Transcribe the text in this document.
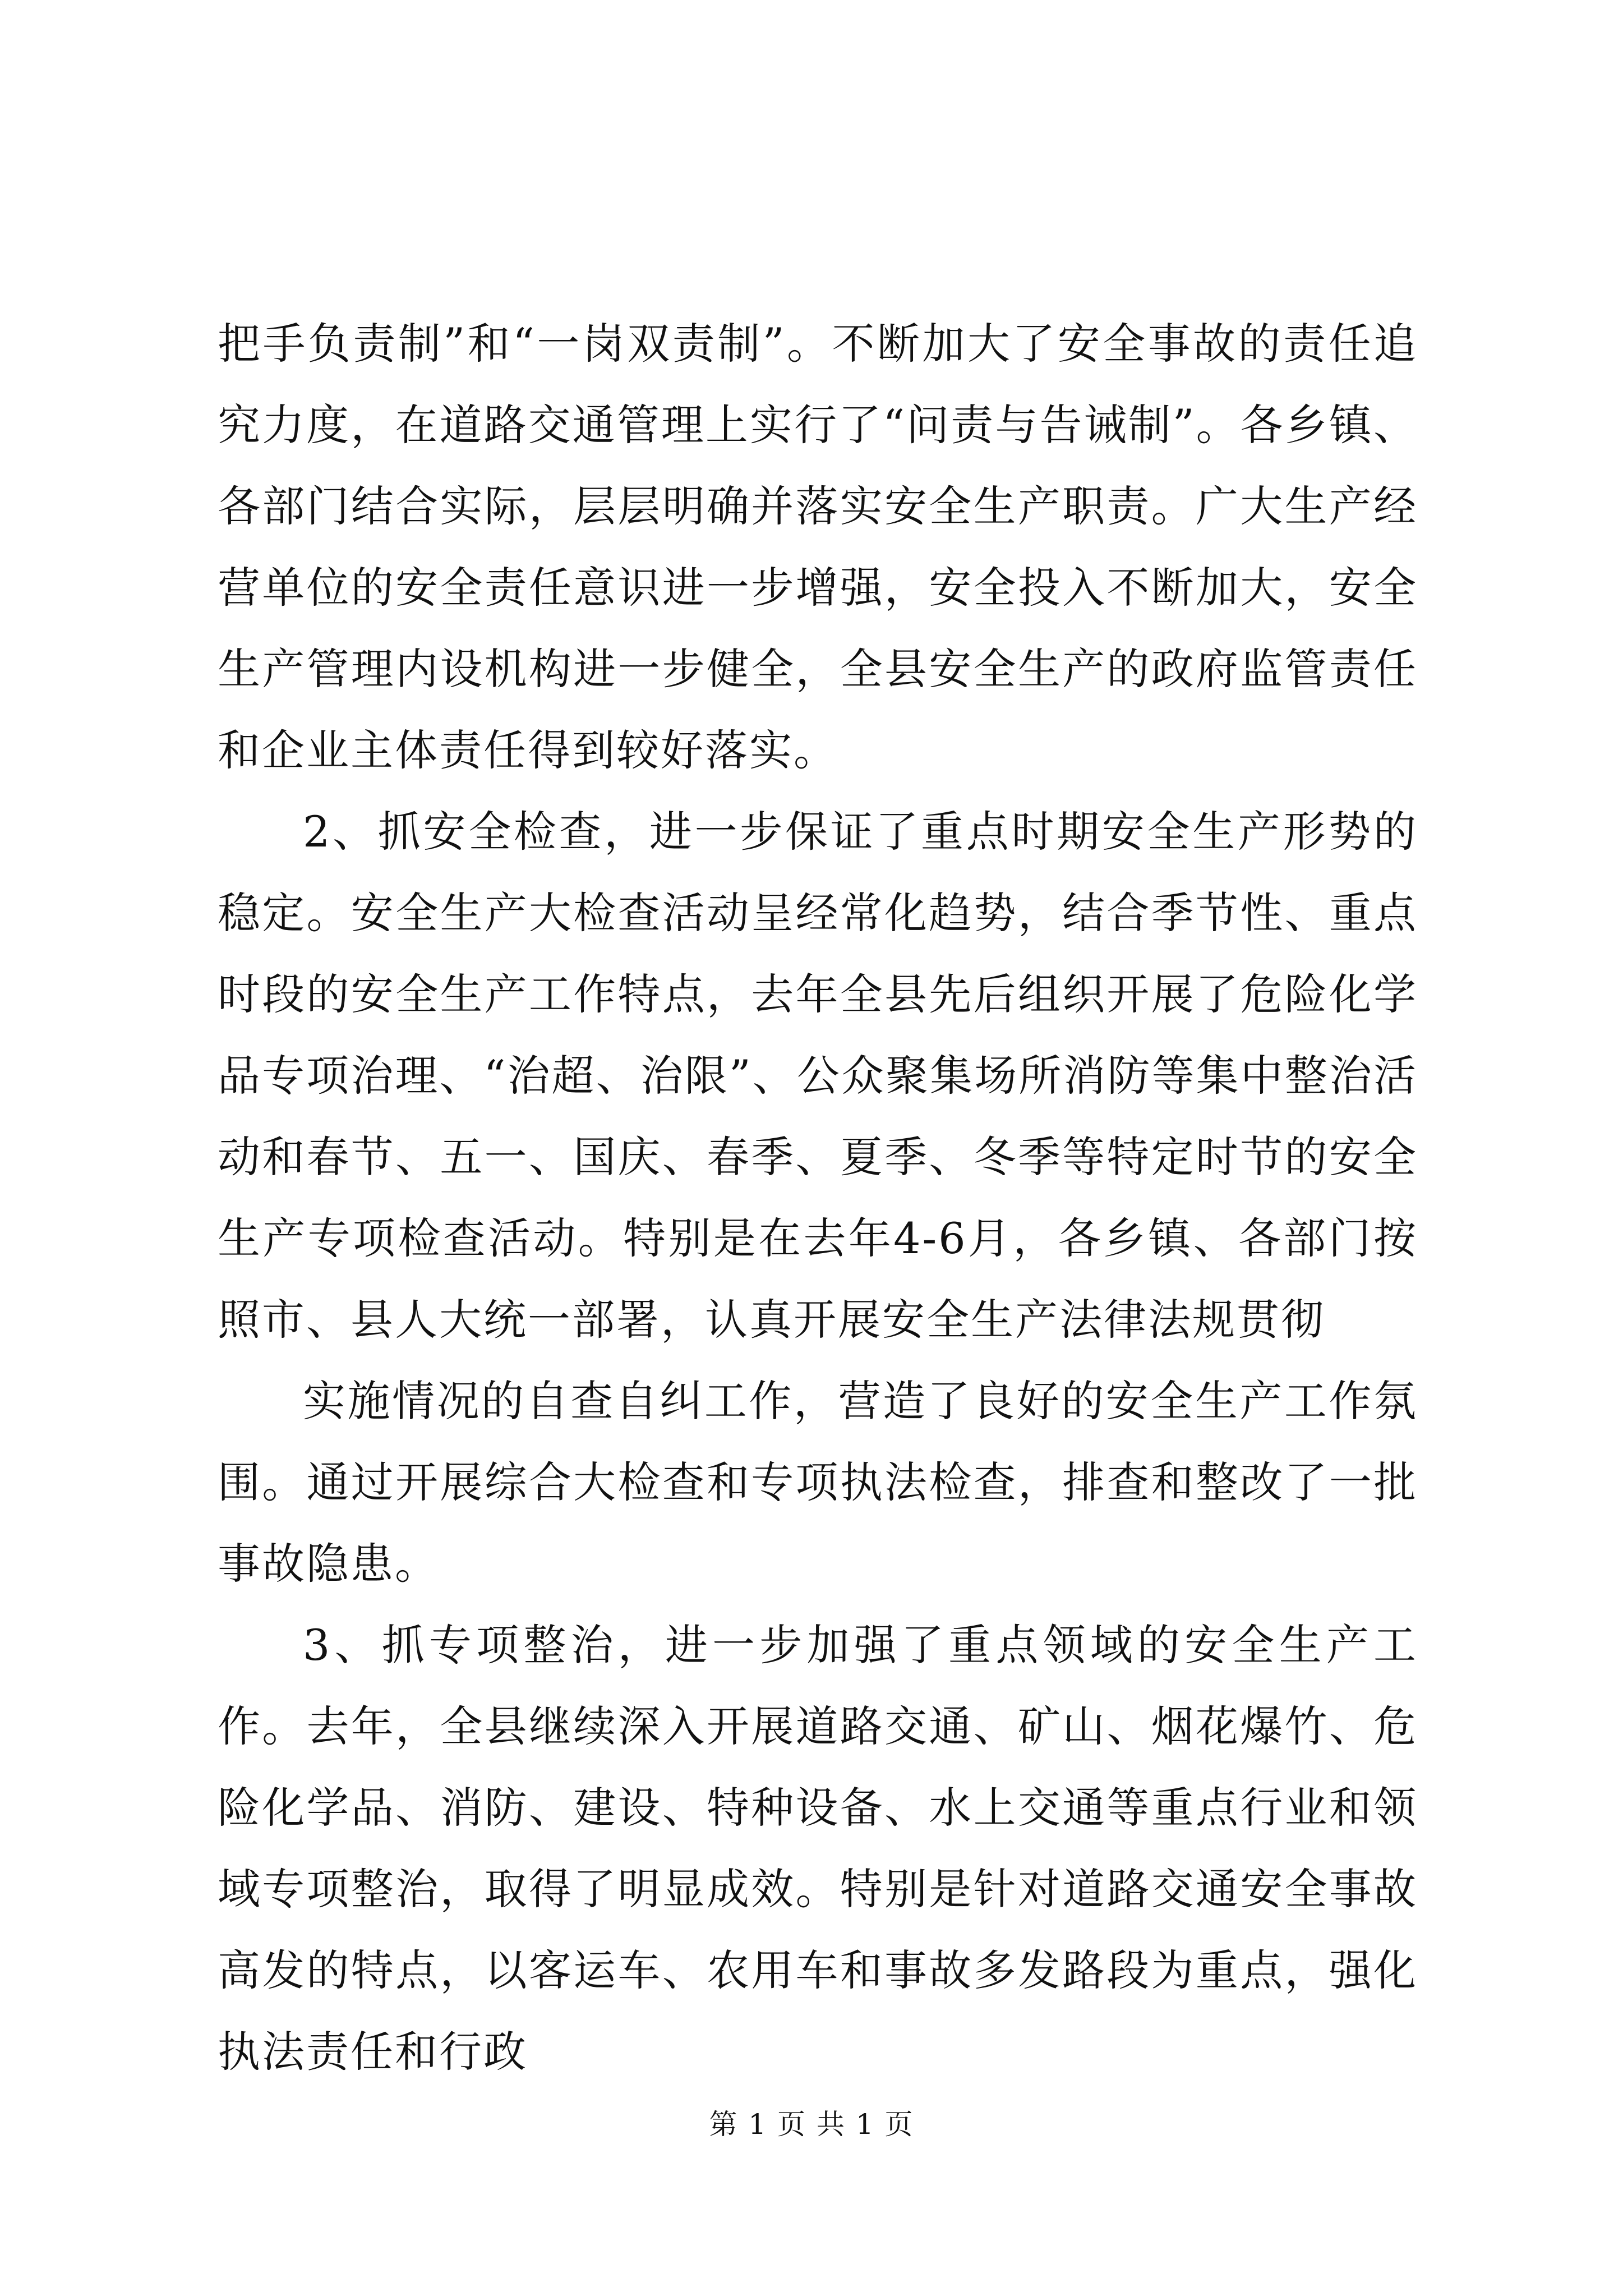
把手负责制”和“一岗双责制”。不断加大了安全事故的责任追究力度，在道路交通管理上实行了“问责与告诫制”。各乡镇、各部门结合实际，层层明确并落实安全生产职责。广大生产经营单位的安全责任意识进一步增强，安全投入不断加大，安全生产管理内设机构进一步健全，全县安全生产的政府监管责任和企业主体责任得到较好落实。

2、抓安全检查，进一步保证了重点时期安全生产形势的稳定。安全生产大检查活动呈经常化趋势，结合季节性、重点时段的安全生产工作特点，去年全县先后组织开展了危险化学品专项治理、“治超、治限”、公众聚集场所消防等集中整治活动和春节、五一、国庆、春季、夏季、冬季等特定时节的安全生产专项检查活动。特别是在去年4-6月，各乡镇、各部门按照市、县人大统一部署，认真开展安全生产法律法规贯彻

实施情况的自查自纠工作，营造了良好的安全生产工作氛围。通过开展综合大检查和专项执法检查，排查和整改了一批事故隐患。

3、抓专项整治，进一步加强了重点领域的安全生产工作。去年，全县继续深入开展道路交通、矿山、烟花爆竹、危险化学品、消防、建设、特种设备、水上交通等重点行业和领域专项整治，取得了明显成效。特别是针对道路交通安全事故高发的特点，以客运车、农用车和事故多发路段为重点，强化执法责任和行政

第 1 页 共 1 页
